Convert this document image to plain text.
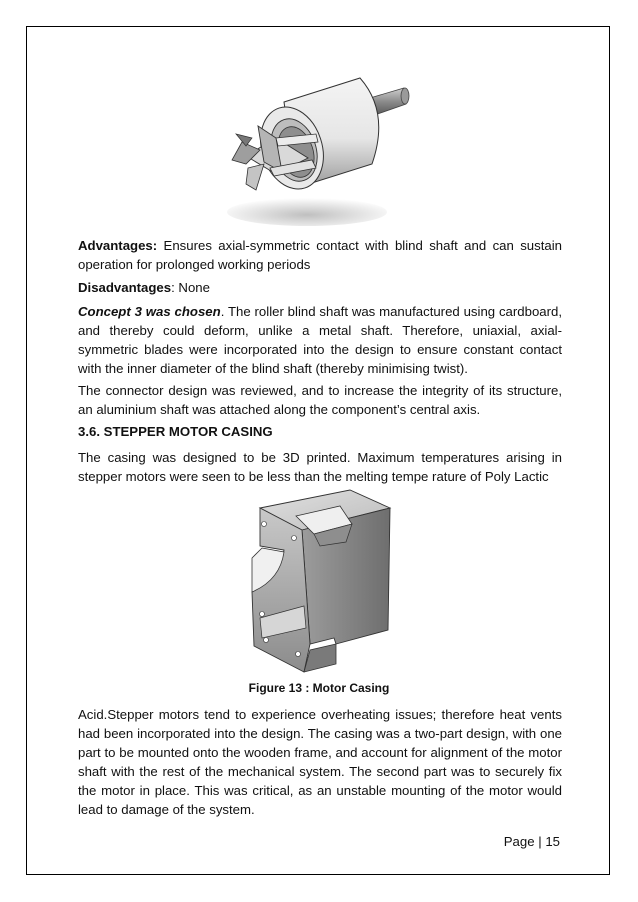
Advantages: Ensures axial-symmetric contact with blind shaft and can sustain operation for prolonged working periods

Disadvantages: None

Concept 3 was chosen. The roller blind shaft was manufactured using cardboard, and thereby could deform, unlike a metal shaft. Therefore, uniaxial, axial-symmetric blades were incorporated into the design to ensure constant contact with the inner diameter of the blind shaft (thereby minimising twist).

The connector design was reviewed, and to increase the integrity of its structure, an aluminium shaft was attached along the component’s central axis.

3.6. STEPPER MOTOR CASING

The casing was designed to be 3D printed. Maximum temperatures arising in stepper motors were seen to be less than the melting tempe rature of Poly Lactic

Figure 13 : Motor Casing

Acid.Stepper motors tend to experience overheating issues; therefore heat vents had been incorporated into the design. The casing was a two-part design, with one part to be mounted onto the wooden frame, and account for alignment of the motor shaft with the rest of the mechanical system. The second part was to securely fix the motor in place. This was critical, as an unstable mounting of the motor would lead to damage of the system.

Page | 15
